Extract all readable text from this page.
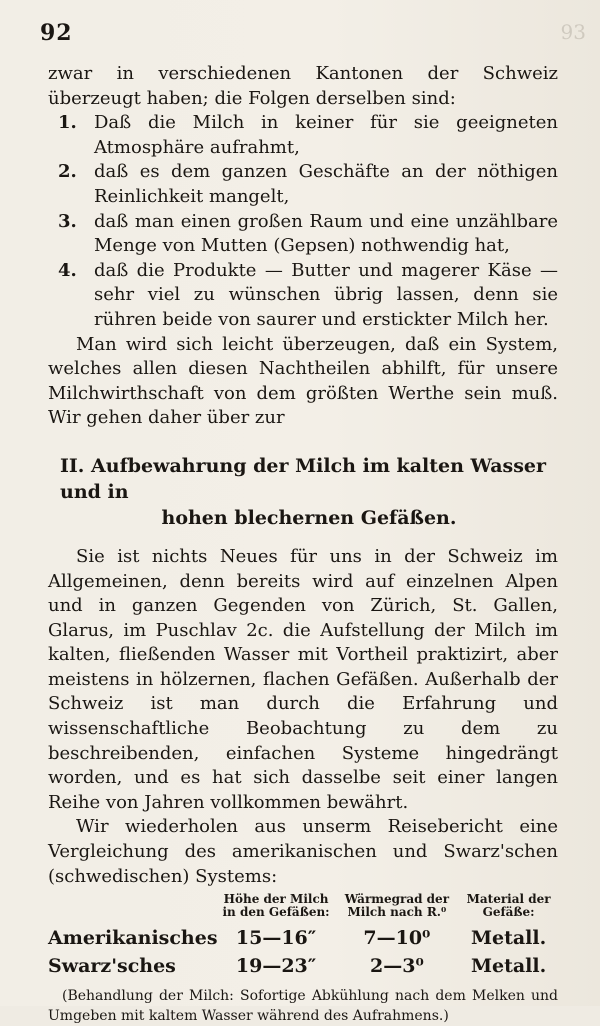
93
92

zwar in verschiedenen Kantonen der Schweiz überzeugt haben; die Folgen derselben sind:

1. Daß die Milch in keiner für sie geeigneten Atmosphäre aufrahmt,
2. daß es dem ganzen Geschäfte an der nöthigen Reinlichkeit mangelt,
3. daß man einen großen Raum und eine unzählbare Menge von Mutten (Gepsen) nothwendig hat,
4. daß die Produkte — Butter und magerer Käse — sehr viel zu wünschen übrig lassen, denn sie rühren beide von saurer und erstickter Milch her.

Man wird sich leicht überzeugen, daß ein System, welches allen diesen Nachtheilen abhilft, für unsere Milchwirthschaft von dem größten Werthe sein muß. Wir gehen daher über zur

II. Aufbewahrung der Milch im kalten Wasser und in
hohen blechernen Gefäßen.

Sie ist nichts Neues für uns in der Schweiz im Allgemeinen, denn bereits wird auf einzelnen Alpen und in ganzen Gegenden von Zürich, St. Gallen, Glarus, im Puschlav 2c. die Aufstellung der Milch im kalten, fließenden Wasser mit Vortheil praktizirt, aber meistens in hölzernen, flachen Gefäßen. Außerhalb der Schweiz ist man durch die Erfahrung und wissenschaftliche Beobachtung zu dem zu beschreibenden, einfachen Systeme hingedrängt worden, und es hat sich dasselbe seit einer langen Reihe von Jahren vollkommen bewährt.

Wir wiederholen aus unserm Reisebericht eine Vergleichung des amerikanischen und Swarz'schen (schwedischen) Systems:

	Höhe der Milch in den Gefäßen:	Wärmegrad der Milch nach R.⁰	Material der Gefäße:
Amerikanisches	15—16″	7—10⁰	Metall.
Swarz'sches	19—23″	2—3⁰	Metall.

(Behandlung der Milch: Sofortige Abkühlung nach dem Melken und Umgeben mit kaltem Wasser während des Aufrahmens.)
